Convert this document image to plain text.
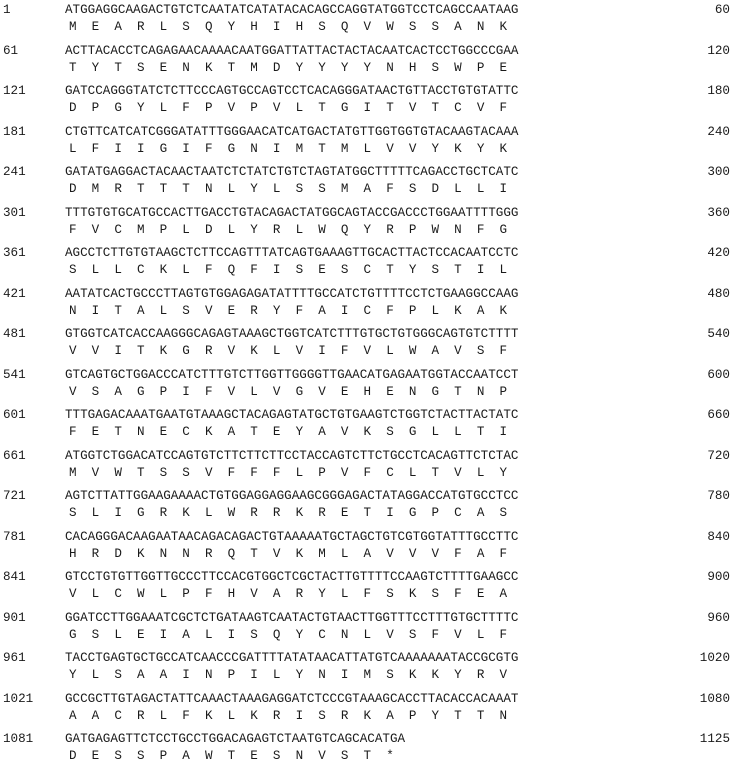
1	ATGGAGGCAAGACTGTCTCAATATCATATACACAGCCAGGTATGGTCCTCAGCCAATAAG	60
MEARLSQYHIHSQVWSSANK
61	ACTTACACCTCAGAGAACAAAACAATGGATTATTACTACTACAATCACTCCTGGCCCGAA	120
TYTSENKTMDYYYYNHSWPE
121	GATCCAGGGTATCTCTTCCCAGTGCCAGTCCTCACAGGGATAACTGTTACCTGTGTATTC	180
DPGYLFPVPVLTGITVTCVF
181	CTGTTCATCATCGGGATATTTGGGAACATCATGACTATGTTGGTGGTGTACAAGTACAAA	240
LFIIGIFGNIMTMLVVYKYK
241	GATATGAGGACTACAACTAATCTCTATCTGTCTAGTATGGCTTTTTCAGACCTGCTCATC	300
DMRTTTNLYLSSMAFSDLLI
301	TTTGTGTGCATGCCACTTGACCTGTACAGACTATGGCAGTACCGACCCTGGAATTTTGGG	360
FVCMPLDLYRLWQYRPWNFG
361	AGCCTCTTGTGTAAGCTCTTCCAGTTTATCAGTGAAAGTTGCACTTACTCCACAATCCTC	420
SLLCKLFQFISESCTYSTIL
421	AATATCACTGCCCTTAGTGTGGAGAGATATTTTGCCATCTGTTTTCCTCTGAAGGCCAAG	480
NITALSVERYFAICFPLKAK
481	GTGGTCATCACCAAGGGCAGAGTAAAGCTGGTCATCTTTGTGCTGTGGGCAGTGTCTTTT	540
VVITKGRVKLVIFVLWAVSF
541	GTCAGTGCTGGACCCATCTTTGTCTTGGTTGGGGTTGAACATGAGAATGGTACCAATCCT	600
VSAGPIFVLVGVEHENGTNP
601	TTTGAGACAAATGAATGTAAAGCTACAGAGTATGCTGTGAAGTCTGGTCTACTTACTATC	660
FETNECKATEYAVKSGLLTI
661	ATGGTCTGGACATCCAGTGTCTTCTTCTTCCTACCAGTCTTCTGCCTCACAGTTCTCTAC	720
MVWTSSVFFFLPVFCLTVLY
721	AGTCTTATTGGAAGAAAACTGTGGAGGAGGAAGCGGGAGACTATAGGACCATGTGCCTCC	780
SLIGRKLWRRKRETIGPCAS
781	CACAGGGACAAGAATAACAGACAGACTGTAAAAATGCTAGCTGTCGTGGTATTTGCCTTC	840
HRDKNNRQTVKMLAVVVFAF
841	GTCCTGTGTTGGTTGCCCTTCCACGTGGCTCGCTACTTGTTTTCCAAGTCTTTTGAAGCC	900
VLCWLPFHVARYLFSKSFEA
901	GGATCCTTGGAAATCGCTCTGATAAGTCAATACTGTAACTTGGTTTCCTTTGTGCTTTTC	960
GSLEIALISQYCNLVSFVLF
961	TACCTGAGTGCTGCCATCAACCCGATTTTATATAACATTATGTCAAAAAAATACCGCGTG	1020
YLSAAINPILYNIMSKKYRV
1021	GCCGCTTGTAGACTATTCAAACTAAAGAGGATCTCCCGTAAAGCACCTTACACCACAAAT	1080
AACRLFKLKRISRKAPYTTN
1081	GATGAGAGTTCTCCTGCCTGGACAGAGTCTAATGTCAGCACATGA	1125
DESSPAWTESNVST*
